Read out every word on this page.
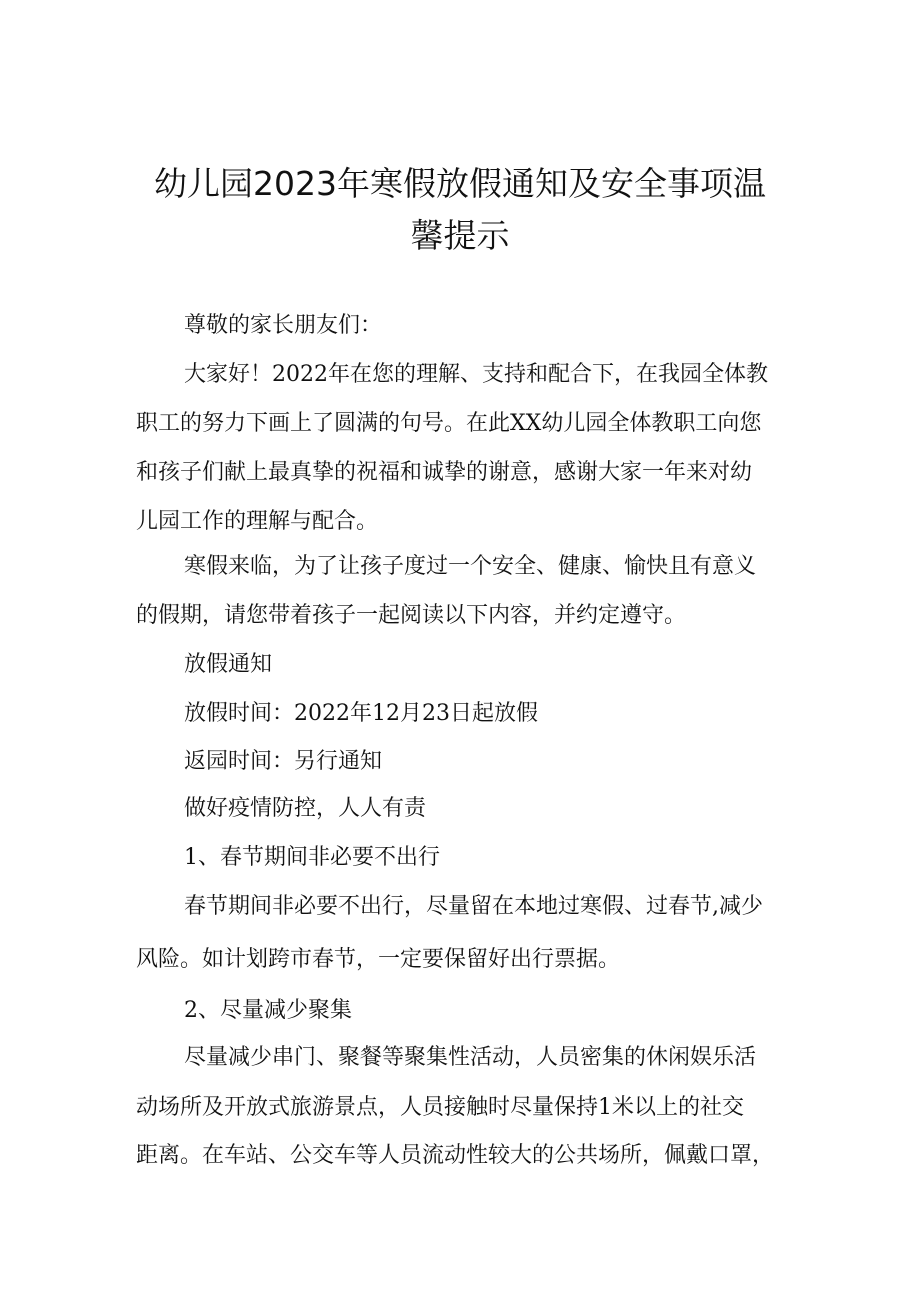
幼儿园2023年寒假放假通知及安全事项温
馨提示
尊敬的家长朋友们：
大家好！2022年在您的理解、支持和配合下，在我园全体教
职工的努力下画上了圆满的句号。在此XX幼儿园全体教职工向您
和孩子们献上最真挚的祝福和诚挚的谢意，感谢大家一年来对幼
儿园工作的理解与配合。
寒假来临，为了让孩子度过一个安全、健康、愉快且有意义
的假期，请您带着孩子一起阅读以下内容，并约定遵守。
放假通知
放假时间：2022年12月23日起放假
返园时间：另行通知
做好疫情防控，人人有责
1、春节期间非必要不出行
春节期间非必要不出行，尽量留在本地过寒假、过春节,减少
风险。如计划跨市春节，一定要保留好出行票据。
2、尽量减少聚集
尽量减少串门、聚餐等聚集性活动，人员密集的休闲娱乐活
动场所及开放式旅游景点，人员接触时尽量保持1米以上的社交
距离。在车站、公交车等人员流动性较大的公共场所，佩戴口罩，
